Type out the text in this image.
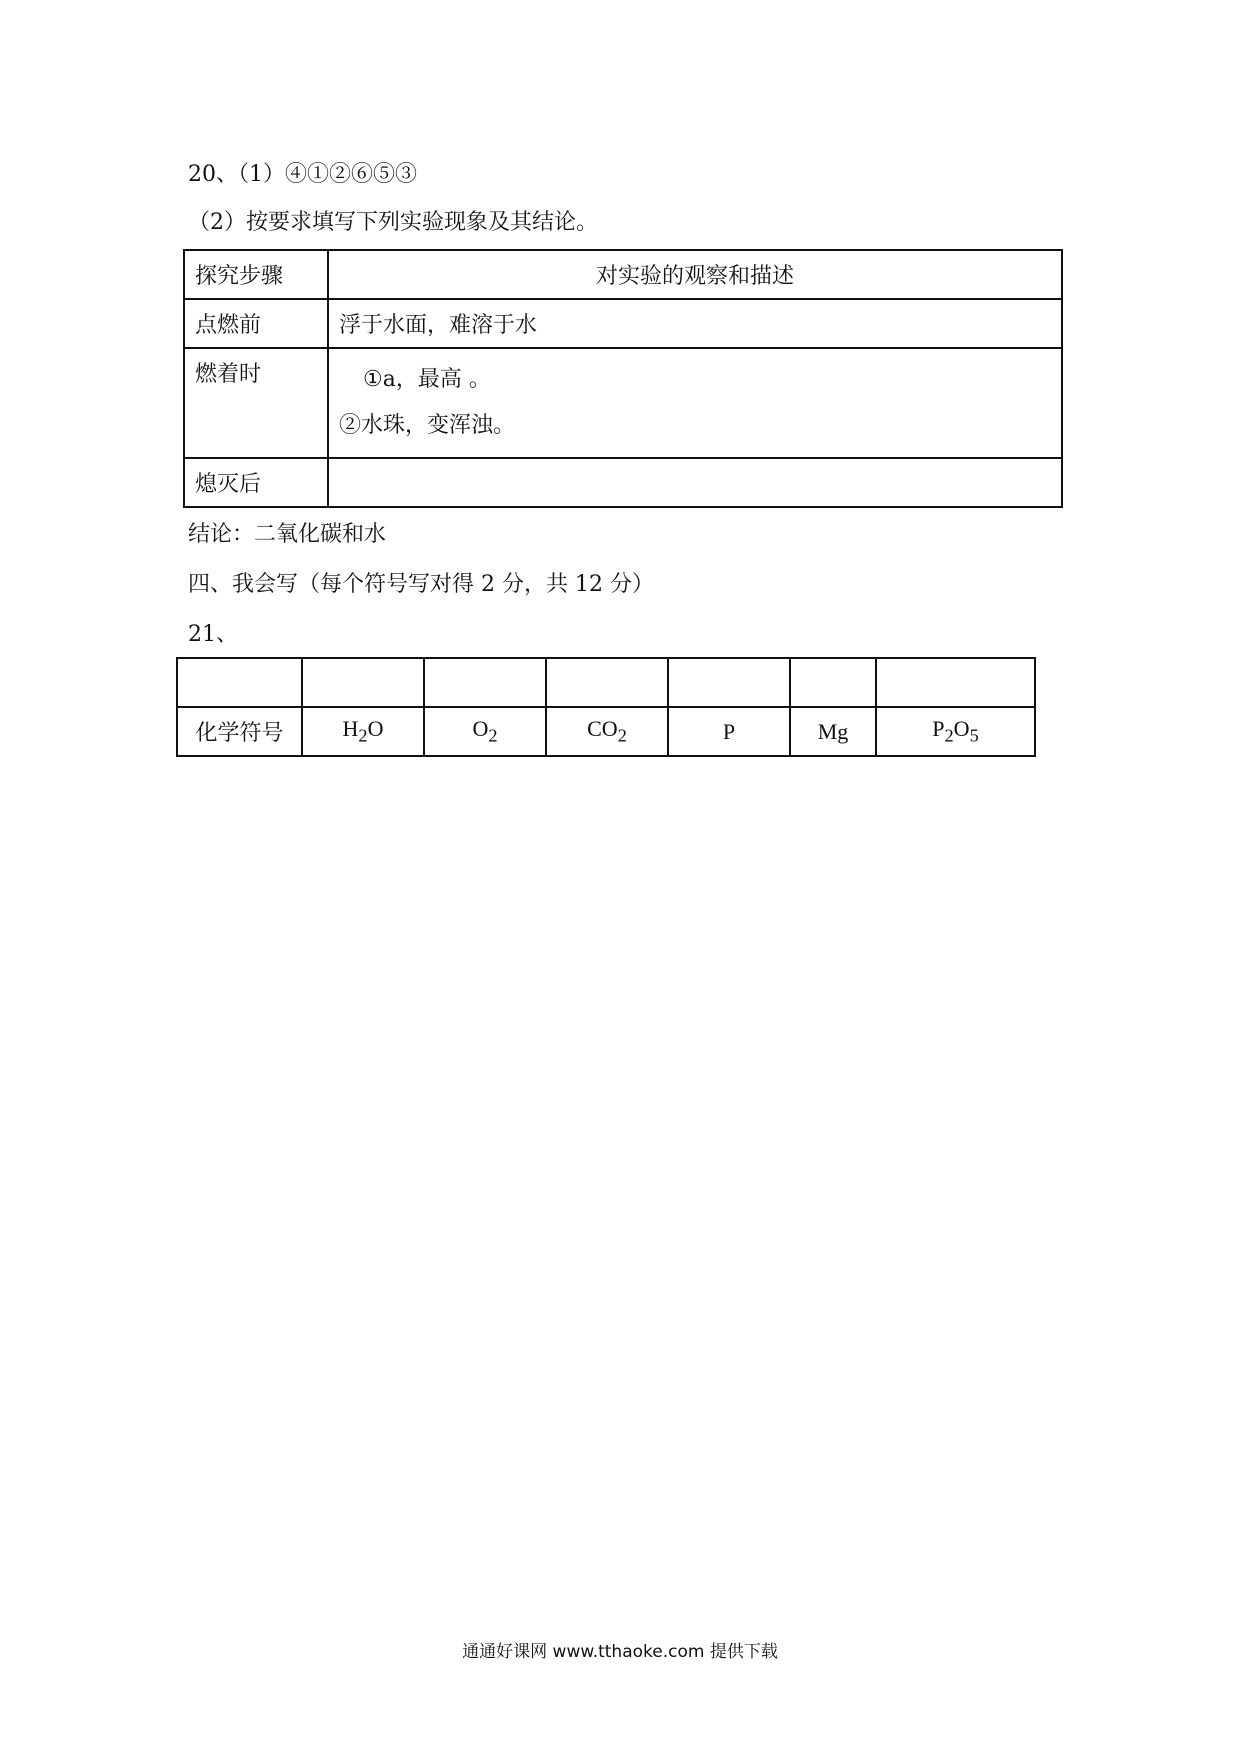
20、（1）④①②⑥⑤③
（2）按要求填写下列实验现象及其结论。
探究步骤	对实验的观察和描述
点燃前	浮于水面，难溶于水
燃着时	①a，最高 。
②水珠，变浑浊。

熄灭后	
结论：二氧化碳和水
四、我会写（每个符号写对得 2 分，共 12 分）
21、

化学符号	$H_2O$	$O_2$	$CO_2$	P	Mg	$P_2O_5$
通通好课网 www.tthaoke.com 提供下载
